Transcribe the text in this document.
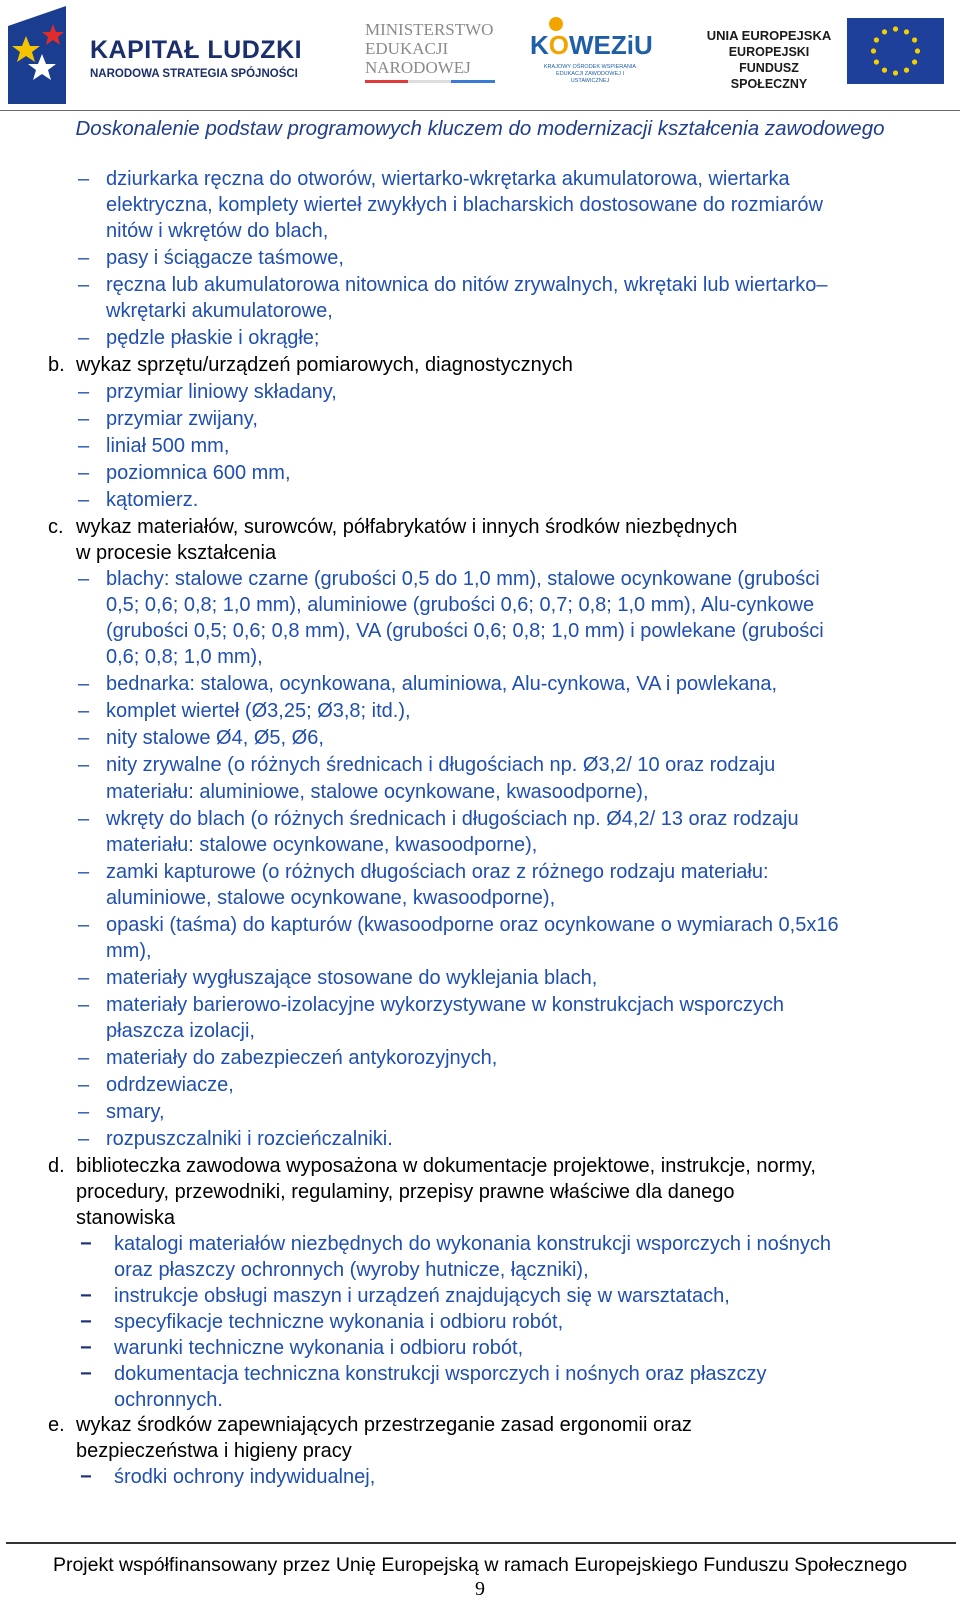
KAPITAŁ LUDZKI
NARODOWA STRATEGIA SPÓJNOŚCI
MINISTERSTWO
EDUKACJI
NARODOWEJ
KOWEZiU
KRAJOWY OŚRODEK WSPIERANIA
EDUKACJI ZAWODOWEJ I USTAWICZNEJ
UNIA EUROPEJSKA
EUROPEJSKI
FUNDUSZ SPOŁECZNY
Doskonalenie podstaw programowych kluczem do modernizacji kształcenia zawodowego
dziurkarka ręczna do otworów, wiertarko-wkrętarka akumulatorowa, wiertarka
–
elektryczna, komplety wierteł zwykłych i blacharskich dostosowane do rozmiarów
nitów i wkrętów do blach,
pasy i ściągacze taśmowe,
–
ręczna lub akumulatorowa nitownica do nitów zrywalnych, wkrętaki lub wiertarko–
–
wkrętarki akumulatorowe,
pędzle płaskie i okrągłe;
–
wykaz sprzętu/urządzeń pomiarowych, diagnostycznych
b.
przymiar liniowy składany,
–
przymiar zwijany,
–
liniał 500 mm,
–
poziomnica 600 mm,
–
kątomierz.
–
wykaz materiałów, surowców, półfabrykatów i innych środków niezbędnych
c.
w procesie kształcenia
blachy: stalowe czarne (grubości 0,5 do 1,0 mm), stalowe ocynkowane (grubości
–
0,5; 0,6; 0,8; 1,0 mm), aluminiowe (grubości 0,6; 0,7; 0,8; 1,0 mm), Alu-cynkowe
(grubości 0,5; 0,6; 0,8 mm), VA (grubości 0,6; 0,8; 1,0 mm) i powlekane (grubości
0,6; 0,8; 1,0 mm),
bednarka: stalowa, ocynkowana, aluminiowa, Alu-cynkowa, VA i powlekana,
–
komplet wierteł (Ø3,25; Ø3,8; itd.),
–
nity stalowe Ø4, Ø5, Ø6,
–
nity zrywalne (o różnych średnicach i długościach np. Ø3,2/ 10 oraz rodzaju
–
materiału: aluminiowe, stalowe ocynkowane, kwasoodporne),
wkręty do blach (o różnych średnicach i długościach np. Ø4,2/ 13 oraz rodzaju
–
materiału: stalowe ocynkowane, kwasoodporne),
zamki kapturowe (o różnych długościach oraz z różnego rodzaju materiału:
–
aluminiowe, stalowe ocynkowane, kwasoodporne),
opaski (taśma) do kapturów (kwasoodporne oraz ocynkowane o wymiarach 0,5x16
–
mm),
materiały wygłuszające stosowane do wyklejania blach,
–
materiały barierowo-izolacyjne wykorzystywane w konstrukcjach wsporczych
–
płaszcza izolacji,
materiały do zabezpieczeń antykorozyjnych,
–
odrdzewiacze,
–
smary,
–
rozpuszczalniki i rozcieńczalniki.
–
biblioteczka zawodowa wyposażona w dokumentacje projektowe, instrukcje, normy,
d.
procedury, przewodniki, regulaminy, przepisy prawne właściwe dla danego
stanowiska
katalogi materiałów niezbędnych do wykonania konstrukcji wsporczych i nośnych
−
oraz płaszczy ochronnych (wyroby hutnicze, łączniki),
instrukcje obsługi maszyn i urządzeń znajdujących się w warsztatach,
−
specyfikacje techniczne wykonania i odbioru robót,
−
warunki techniczne wykonania i odbioru robót,
−
dokumentacja techniczna konstrukcji wsporczych i nośnych oraz płaszczy
−
ochronnych.
wykaz środków zapewniających przestrzeganie zasad ergonomii oraz
e.
bezpieczeństwa i higieny pracy
środki ochrony indywidualnej,
−
Projekt współfinansowany przez Unię Europejską w ramach Europejskiego Funduszu Społecznego
9
